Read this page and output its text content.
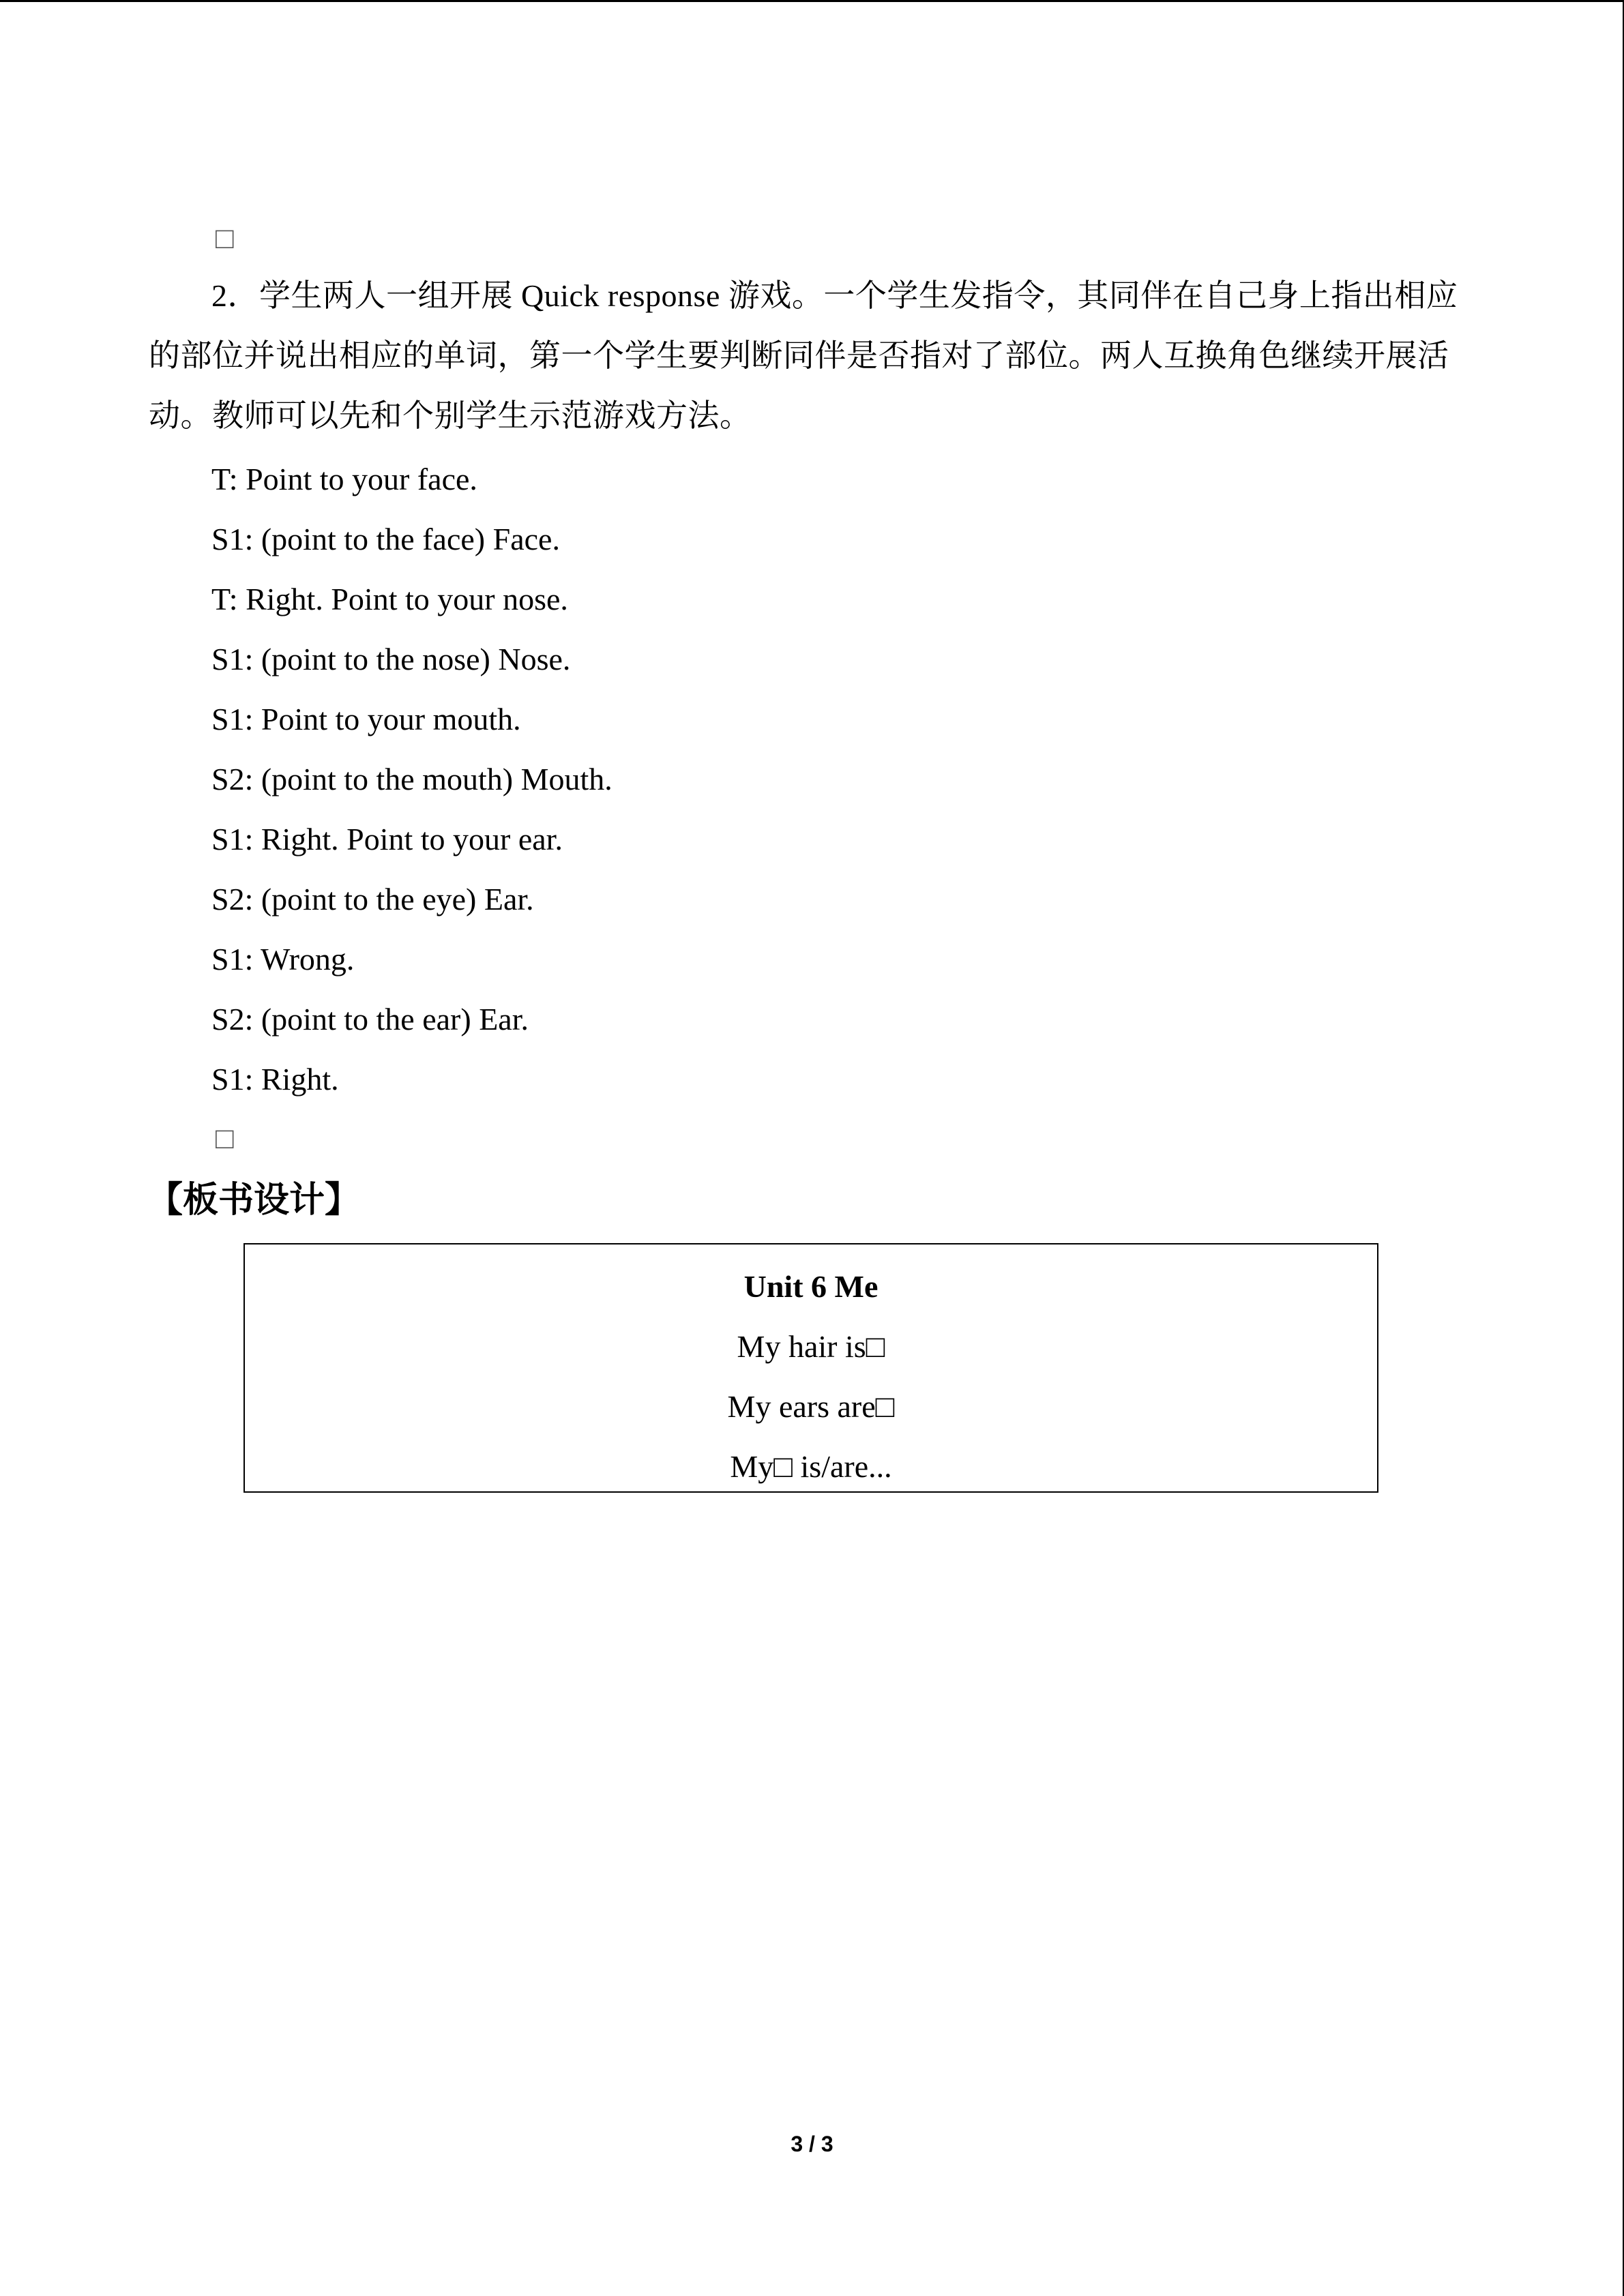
□

2．学生两人一组开展 Quick response 游戏。一个学生发指令，其同伴在自己身上指出相应的部位并说出相应的单词，第一个学生要判断同伴是否指对了部位。两人互换角色继续开展活动。教师可以先和个别学生示范游戏方法。

T: Point to your face.
S1: (point to the face) Face.
T: Right. Point to your nose.
S1: (point to the nose) Nose.
S1: Point to your mouth.
S2: (point to the mouth) Mouth.
S1: Right. Point to your ear.
S2: (point to the eye) Ear.
S1: Wrong.
S2: (point to the ear) Ear.
S1: Right.
□
【板书设计】
Unit 6 Me
My hair is□
My ears are□
My□ is/are...
3 / 3
